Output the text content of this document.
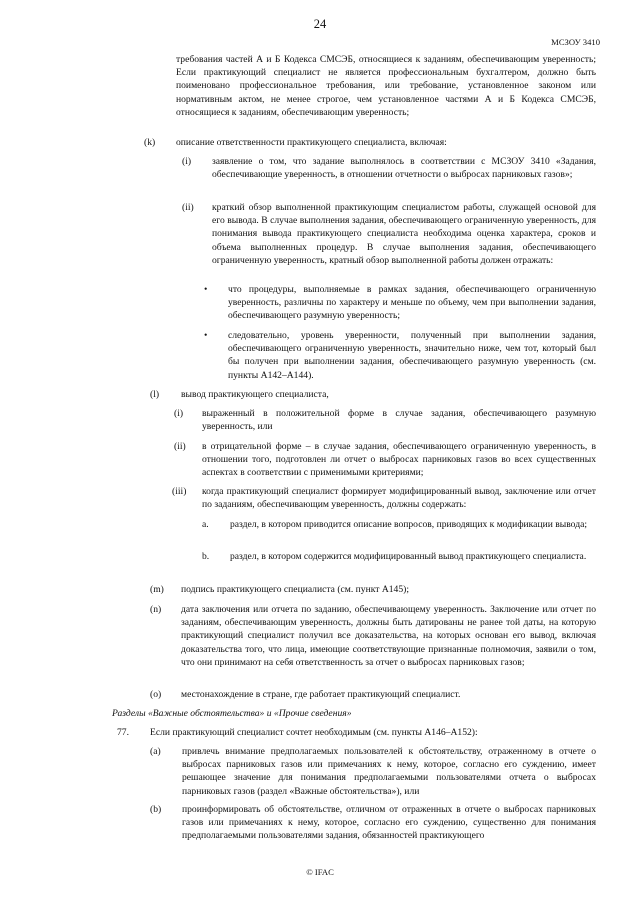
24
МСЗОУ 3410
требования частей А и Б Кодекса СМСЭБ, относящиеся к заданиям, обеспечивающим уверенность; Если практикующий специалист не является профессиональным бухгалтером, должно быть поименовано профессиональное требования, или требование, установленное законом или нормативным актом, не менее строгое, чем установленное частями А и Б Кодекса СМСЭБ, относящиеся к заданиям, обеспечивающим уверенность;
(k) описание ответственности практикующего специалиста, включая:
(i) заявление о том, что задание выполнялось в соответствии с МСЗОУ 3410 «Задания, обеспечивающие уверенность, в отношении отчетности о выбросах парниковых газов»;
(ii) краткий обзор выполненной практикующим специалистом работы, служащей основой для его вывода. В случае выполнения задания, обеспечивающего ограниченную уверенность, для понимания вывода практикующего специалиста необходима оценка характера, сроков и объема выполненных процедур. В случае выполнения задания, обеспечивающего ограниченную уверенность, кратный обзор выполненной работы должен отражать:
• что процедуры, выполняемые в рамках задания, обеспечивающего ограниченную уверенность, различны по характеру и меньше по объему, чем при выполнении задания, обеспечивающего разумную уверенность;
• следовательно, уровень уверенности, полученный при выполнении задания, обеспечивающего ограниченную уверенность, значительно ниже, чем тот, который был бы получен при выполнении задания, обеспечивающего разумную уверенность (см. пункты A142–A144).
(l) вывод практикующего специалиста,
(i) выраженный в положительной форме в случае задания, обеспечивающего разумную уверенность, или
(ii) в отрицательной форме – в случае задания, обеспечивающего ограниченную уверенность, в отношении того, подготовлен ли отчет о выбросах парниковых газов во всех существенных аспектах в соответствии с применимыми критериями;
(iii) когда практикующий специалист формирует модифицированный вывод, заключение или отчет по заданиям, обеспечивающим уверенность, должны содержать:
a. раздел, в котором приводится описание вопросов, приводящих к модификации вывода;
b. раздел, в котором содержится модифицированный вывод практикующего специалиста.
(m) подпись практикующего специалиста (см. пункт A145);
(n) дата заключения или отчета по заданию, обеспечивающему уверенность. Заключение или отчет по заданиям, обеспечивающим уверенность, должны быть датированы не ранее той даты, на которую практикующий специалист получил все доказательства, на которых основан его вывод, включая доказательства того, что лица, имеющие соответствующие признанные полномочия, заявили о том, что они принимают на себя ответственность за отчет о выбросах парниковых газов;
(o) местонахождение в стране, где работает практикующий специалист.
Разделы «Важные обстоятельства» и «Прочие сведения»
77. Если практикующий специалист сочтет необходимым (см. пункты A146–A152):
(a) привлечь внимание предполагаемых пользователей к обстоятельству, отраженному в отчете о выбросах парниковых газов или примечаниях к нему, которое, согласно его суждению, имеет решающее значение для понимания предполагаемыми пользователями отчета о выбросах парниковых газов (раздел «Важные обстоятельства»), или
(b) проинформировать об обстоятельстве, отличном от отраженных в отчете о выбросах парниковых газов или примечаниях к нему, которое, согласно его суждению, существенно для понимания предполагаемыми пользователями задания, обязанностей практикующего
© IFAC
